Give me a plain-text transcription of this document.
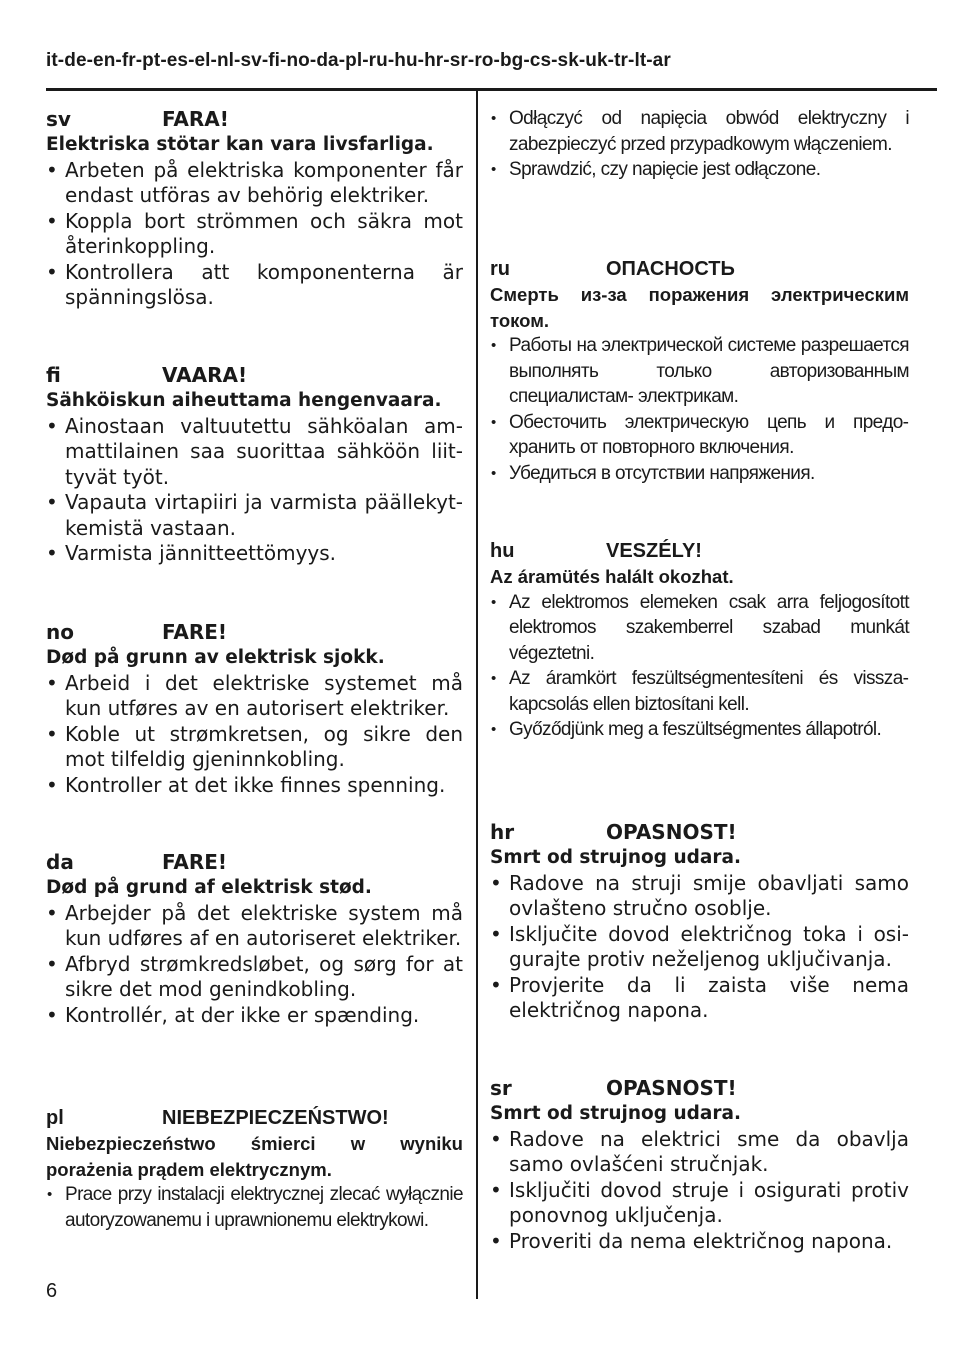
it-de-en-fr-pt-es-el-nl-sv-fi-no-da-pl-ru-hu-hr-sr-ro-bg-cs-sk-uk-tr-lt-ar
sv	FARA!
Elektriska stötar kan vara livsfarliga.
• Arbeten på elektriska komponenter får endast utföras av behörig elektriker.
• Koppla bort strömmen och säkra mot återinkoppling.
• Kontrollera att komponenterna är spänningslösa.
fi	VAARA!
Sähköiskun aiheuttama hengenvaara.
• Ainostaan valtuutettu sähköalan ammattilainen saa suorittaa sähköön liittyvät työt.
• Vapauta virtapiiri ja varmista päällekytkemistä vastaan.
• Varmista jännitteettömyys.
no	FARE!
Død på grunn av elektrisk sjokk.
• Arbeid i det elektriske systemet må kun utføres av en autorisert elektriker.
• Koble ut strømkretsen, og sikre den mot tilfeldig gjeninnkobling.
• Kontroller at det ikke finnes spenning.
da	FARE!
Død på grund af elektrisk stød.
• Arbejder på det elektriske system må kun udføres af en autoriseret elektriker.
• Afbryd strømkredsløbet, og sørg for at sikre det mod genindkobling.
• Kontrollér, at der ikke er spænding.
pl	NIEBEZPIECZEŃSTWO!
Niebezpieczeństwo śmierci w wyniku porażenia prądem elektrycznym.
• Prace przy instalacji elektrycznej zlecać wyłącznie autoryzowanemu i uprawnionemu elektrykowi.
• Odłączyć od napięcia obwód elektryczny i zabezpieczyć przed przypadkowym włączeniem.
• Sprawdzić, czy napięcie jest odłączone.
ru	ОПАСНОСТЬ
Смерть из-за поражения электрическим током.
• Работы на электрической системе разрешается выполнять только авторизованным специалистам- электрикам.
• Обесточить электрическую цепь и предохранить от повторного включения.
• Убедиться в отсутствии напряжения.
hu	VESZÉLY!
Az áramütés halált okozhat.
• Az elektromos elemeken csak arra feljogosított elektromos szakemberrel szabad munkát végeztetni.
• Az áramkört feszültségmentesíteni és visszakapcsolás ellen biztosítani kell.
• Győződjünk meg a feszültségmentes állapotról.
hr	OPASNOST!
Smrt od strujnog udara.
• Radove na struji smije obavljati samo ovlašteno stručno osoblje.
• Isključite dovod električnog toka i osigurajte protiv neželjenog uključivanja.
• Provjerite da li zaista više nema električnog napona.
sr	OPASNOST!
Smrt od strujnog udara.
• Radove na elektrici sme da obavlja samo ovlašćeni stručnjak.
• Isključiti dovod struje i osigurati protiv ponovnog uključenja.
• Proveriti da nema električnog napona.
6
